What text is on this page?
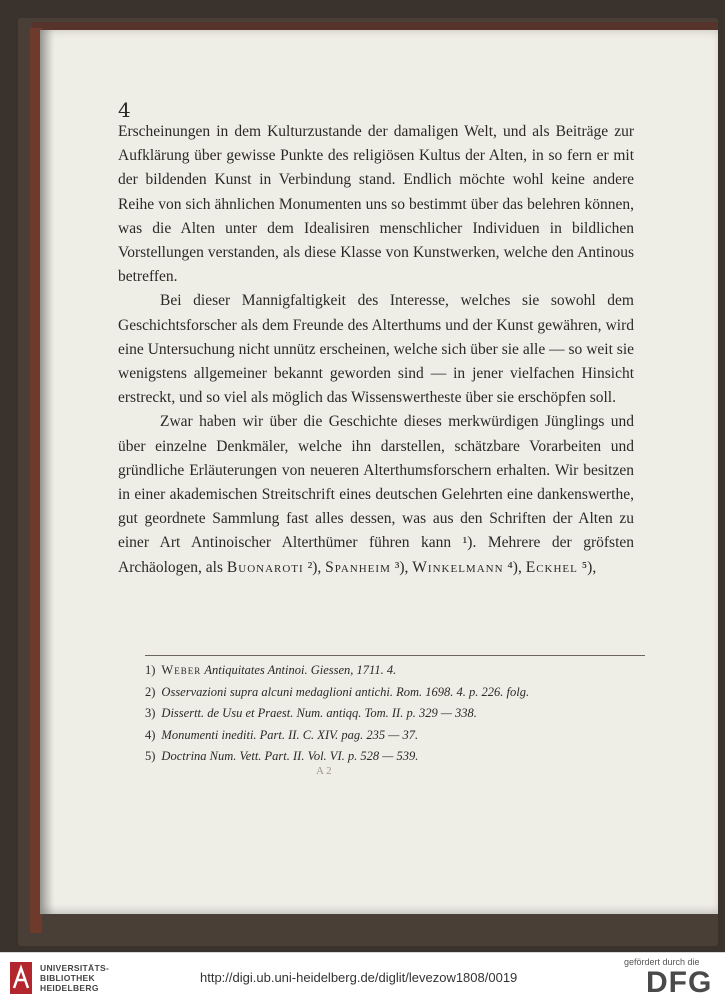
4

Erscheinungen in dem Kulturzustande der damaligen Welt, und als Beiträge zur Aufklärung über gewisse Punkte des religiösen Kultus der Alten, in so fern er mit der bildenden Kunst in Verbindung stand. Endlich möchte wohl keine andere Reihe von sich ähnlichen Monumenten uns so bestimmt über das belehren können, was die Alten unter dem Idealisiren menschlicher Individuen in bildlichen Vorstellungen verstanden, als diese Klasse von Kunstwerken, welche den Antinous betreffen.

Bei dieser Mannigfaltigkeit des Interesse, welches sie sowohl dem Geschichtsforscher als dem Freunde des Alterthums und der Kunst gewähren, wird eine Untersuchung nicht unnütz erscheinen, welche sich über sie alle — so weit sie wenigstens allgemeiner bekannt geworden sind — in jener vielfachen Hinsicht erstreckt, und so viel als möglich das Wissenswertheste über sie erschöpfen soll.

Zwar haben wir über die Geschichte dieses merkwürdigen Jünglings und über einzelne Denkmäler, welche ihn darstellen, schätzbare Vorarbeiten und gründliche Erläuterungen von neueren Alterthumsforschern erhalten. Wir besitzen in einer akademischen Streitschrift eines deutschen Gelehrten eine dankenswerthe, gut geordnete Sammlung fast alles dessen, was aus den Schriften der Alten zu einer Art Antinoischer Alterthümer führen kann ¹). Mehrere der gröfsten Archäologen, als Buonaroti ²), Spanheim ³), Winkelmann ⁴), Eckhel ⁵),

1) Weber Antiquitates Antinoi. Giessen, 1711. 4.
2) Osservazioni supra alcuni medaglioni antichi. Rom. 1698. 4. p. 226. folg.
3) Dissertt. de Usu et Praest. Num. antiqq. Tom. II. p. 329 — 338.
4) Monumenti inediti. Part. II. C. XIV. pag. 235 — 37.
5) Doctrina Num. Vett. Part. II. Vol. VI. p. 528 — 539.
A 2
UNIVERSITÄTS-
BIBLIOTHEK
HEIDELBERG
http://digi.ub.uni-heidelberg.de/diglit/levezow1808/0019
gefördert durch die
DFG
